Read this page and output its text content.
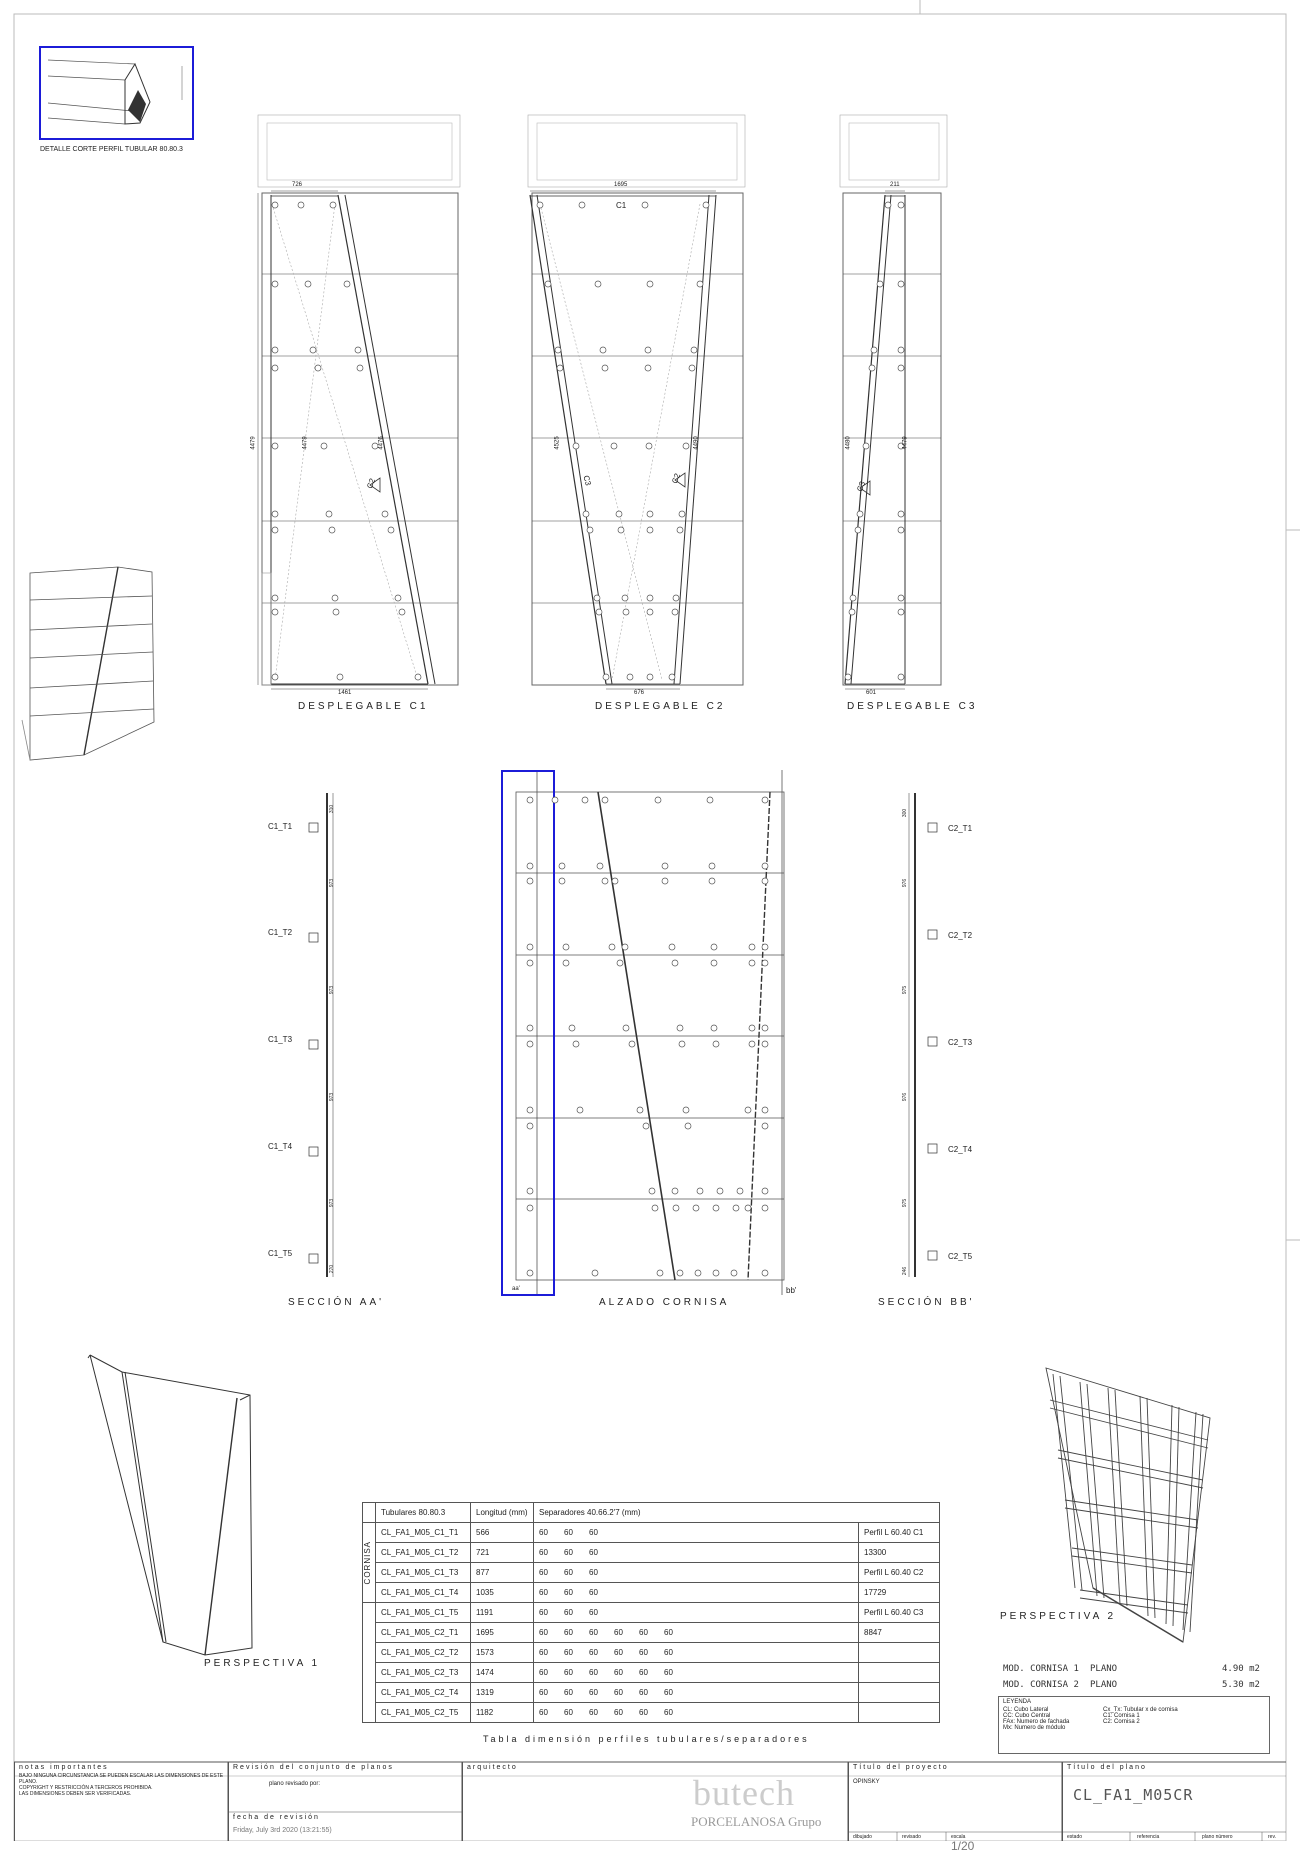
DETALLE CORTE PERFIL TUBULAR 80.80.3
726
1461
4479	4479	4476
C2
1695
C1
676
4525	4490
C3	C2
211
601
4480	4479
C3
DESPLEGABLE C1	DESPLEGABLE C2	DESPLEGABLE C3
SECCIÓN AA'	ALZADO CORNISA	SECCIÓN BB'
PERSPECTIVA 1
PERSPECTIVA 2
C1_T1
C1_T2
C1_T3
C1_T4
C1_T5
310
973
973
973
973
270
C2_T1
C2_T2
C2_T3
C2_T4
C2_T5
300
976
975
976
975
246
aa'	bb'
	Tubulares 80.80.3	Longitud (mm)	Separadores 40.66.2'7 (mm)	

CORNISA	CL_FA1_M05_C1_T1	566	60 60 60	Perfil L 60.40 C1
	CL_FA1_M05_C1_T2	721	60 60 60	13300
	CL_FA1_M05_C1_T3	877	60 60 60	Perfil L 60.40 C2
	CL_FA1_M05_C1_T4	1035	60 60 60	17729
	CL_FA1_M05_C1_T5	1191	60 60 60	Perfil L 60.40 C3
	CL_FA1_M05_C2_T1	1695	60 60 60 60 60 60	8847
	CL_FA1_M05_C2_T2	1573	60 60 60 60 60 60	
	CL_FA1_M05_C2_T3	1474	60 60 60 60 60 60	
	CL_FA1_M05_C2_T4	1319	60 60 60 60 60 60	
	CL_FA1_M05_C2_T5	1182	60 60 60 60 60 60	
Tabla dimensión perfiles tubulares/separadores
MOD. CORNISA 1 PLANO	4.90 m2
MOD. CORNISA 2 PLANO	5.30 m2
LEYENDA
CL: Cubo Lateral
CC: Cubo Central
FAx: Numero de fachada
Mx: Numero de módulo
Cx_Tx: Tubular x de cornisa
C1: Cornisa 1
C2: Cornisa 2
notas importantes
BAJO NINGUNA CIRCUNSTANCIA SE PUEDEN ESCALAR LAS DIMENSIONES DE ESTE PLANO.
COPYRIGHT Y RESTRICCIÓN A TERCEROS PROHIBIDA.
LAS DIMENSIONES DEBEN SER VERIFICADAS.
Revisión del conjunto de planos
plano revisado por:
fecha de revisión
Friday, July 3rd 2020 (13:21:55)
arquitecto
butech
PORCELANOSA Grupo
Título del proyecto
OPINSKY
dibujado	revisado	escala
1/20
Título del plano
CL_FA1_M05CR
estado	referencia	plano número	rev.
